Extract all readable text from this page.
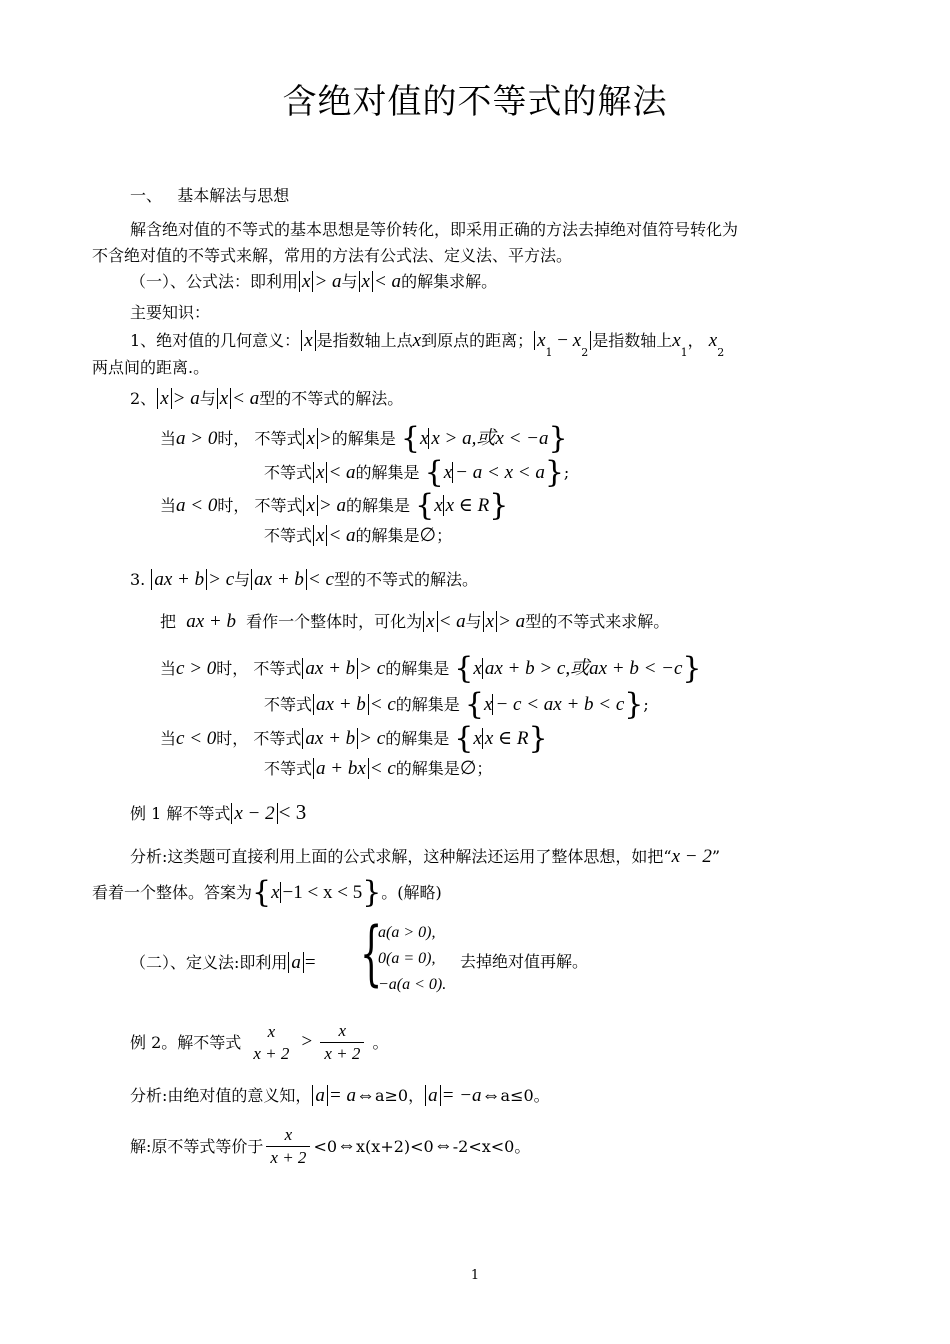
含绝对值的不等式的解法
一、 基本解法与思想
解含绝对值的不等式的基本思想是等价转化，即采用正确的方法去掉绝对值符号转化为
不含绝对值的不等式来解，常用的方法有公式法、定义法、平方法。
（一）、公式法：即利用 x > a与 x < a的解集求解。
主要知识：
1、绝对值的几何意义： x 是指数轴上点x到原点的距离； $x_1 - x_2$是指数轴上$x_1$， $x_2$
两点间的距离.。
2、 x > a与 x < a型的不等式的解法。
当a > 0时， 不等式 x >的解集是 {x x > a,或x < −a}
不等式 x < a的解集是 {x − a < x < a};
当a < 0时， 不等式 x > a的解集是 {x x ∈ R}
不等式 x < a的解集是∅；
3. ax + b > c与 ax + b < c型的不等式的解法。
把 ax + b 看作一个整体时，可化为 x < a与 x > a型的不等式来求解。
当c > 0时， 不等式 ax + b > c的解集是 {x ax + b > c,或ax + b < −c}
不等式 ax + b < c的解集是 {x − c < ax + b < c};
当c < 0时， 不等式 ax + b > c的解集是 {x x ∈ R}
不等式 a + bx < c的解集是∅；
例 1 解不等式 x − 2 < 3
分析:这类题可直接利用上面的公式求解，这种解法还运用了整体思想，如把“x − 2”
看着一个整体。答案为{x −1 < x < 5}。(解略)
（二）、定义法:即利用 a = {
a(a > 0),
0(a = 0),
−a(a < 0).
去掉绝对值再解。
例 2。解不等式
x
x + 2
> $\frac{x}{x + 2}$ 。
分析:由绝对值的意义知， a = a⇔a≥0， a = −a⇔a≤0。
解:原不等式等价于 $\frac{x}{x + 2}$ <0⇔x(x+2)<0⇔-2<x<0。
1
